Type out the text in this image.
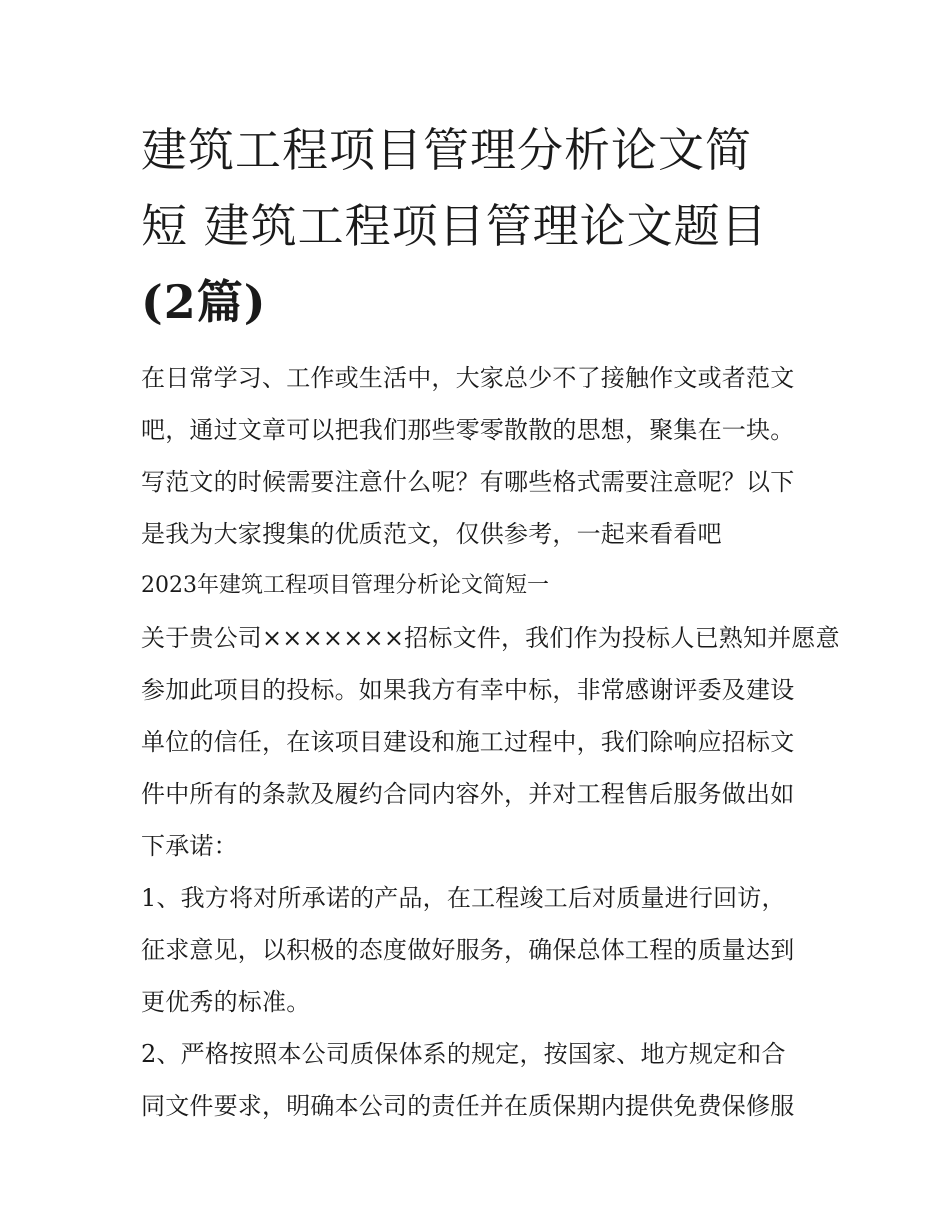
建筑工程项目管理分析论文简
短 建筑工程项目管理论文题目
(2篇)

在日常学习、工作或生活中，大家总少不了接触作文或者范文
吧，通过文章可以把我们那些零零散散的思想，聚集在一块。
写范文的时候需要注意什么呢？有哪些格式需要注意呢？以下
是我为大家搜集的优质范文，仅供参考，一起来看看吧

2023年建筑工程项目管理分析论文简短一

关于贵公司×××××××招标文件，我们作为投标人已熟知并愿意
参加此项目的投标。如果我方有幸中标，非常感谢评委及建设
单位的信任，在该项目建设和施工过程中，我们除响应招标文
件中所有的条款及履约合同内容外，并对工程售后服务做出如
下承诺：

1、我方将对所承诺的产品，在工程竣工后对质量进行回访，
征求意见，以积极的态度做好服务，确保总体工程的质量达到
更优秀的标准。

2、严格按照本公司质保体系的规定，按国家、地方规定和合
同文件要求，明确本公司的责任并在质保期内提供免费保修服
